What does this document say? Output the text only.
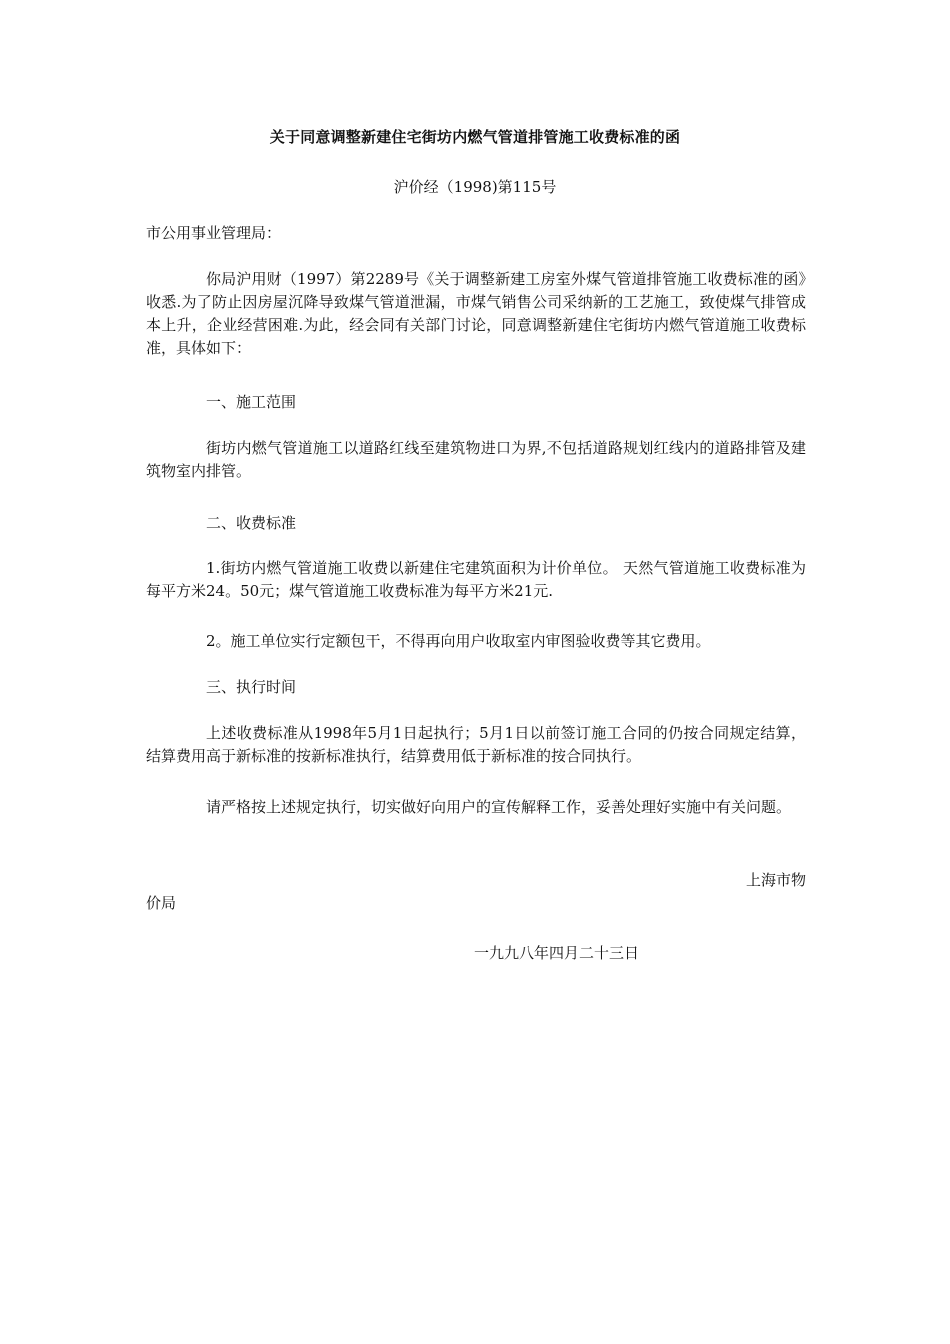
关于同意调整新建住宅街坊内燃气管道排管施工收费标准的函
沪价经（1998)第115号
市公用事业管理局：
你局沪用财（1997）第2289号《关于调整新建工房室外煤气管道排管施工收费标准的函》收悉.为了防止因房屋沉降导致煤气管道泄漏，市煤气销售公司采纳新的工艺施工，致使煤气排管成本上升，企业经营困难.为此，经会同有关部门讨论，同意调整新建住宅街坊内燃气管道施工收费标准，具体如下：
一、施工范围
街坊内燃气管道施工以道路红线至建筑物进口为界,不包括道路规划红线内的道路排管及建筑物室内排管。
二、收费标准
1.街坊内燃气管道施工收费以新建住宅建筑面积为计价单位。 天然气管道施工收费标准为每平方米24。50元；煤气管道施工收费标准为每平方米21元.
2。施工单位实行定额包干，不得再向用户收取室内审图验收费等其它费用。
三、执行时间
上述收费标准从1998年5月1日起执行；5月1日以前签订施工合同的仍按合同规定结算，结算费用高于新标准的按新标准执行，结算费用低于新标准的按合同执行。
请严格按上述规定执行，切实做好向用户的宣传解释工作，妥善处理好实施中有关问题。
上海市物
价局
一九九八年四月二十三日
